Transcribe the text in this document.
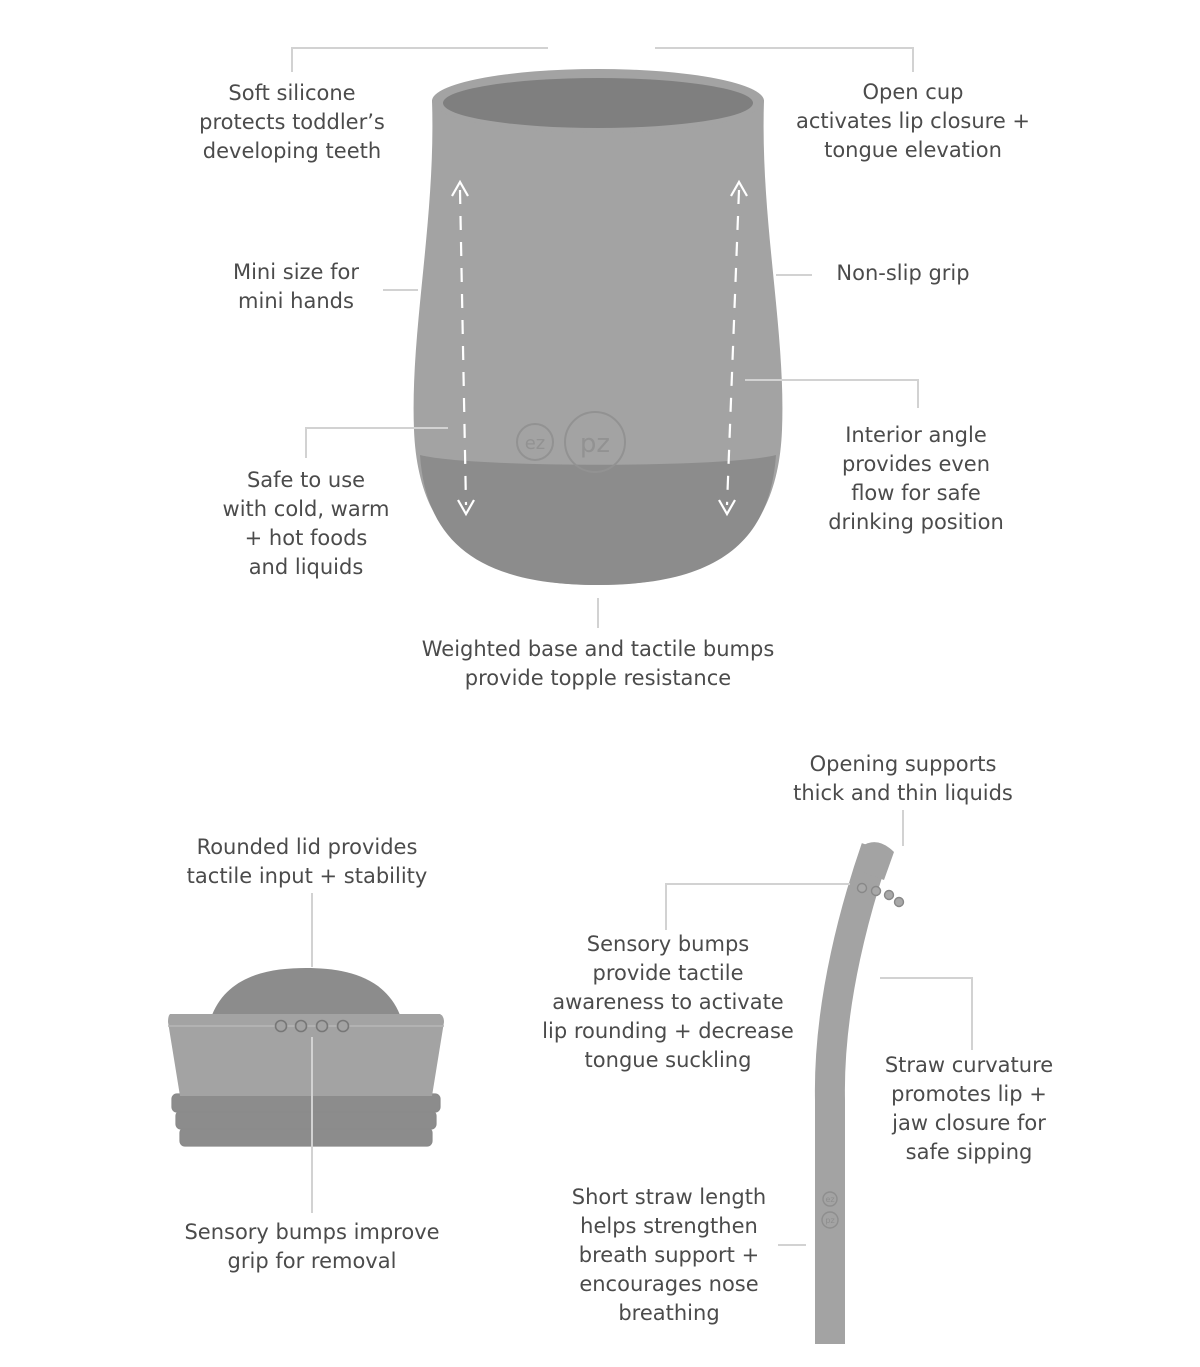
ez pz
ez
pz
Soft silicone
protects toddler’s
developing teeth
Open cup
activates lip closure +
tongue elevation
Mini size for
mini hands
Non-slip grip
Interior angle
provides even
flow for safe
drinking position
Safe to use
with cold, warm
+ hot foods
and liquids
Weighted base and tactile bumps
provide topple resistance
Rounded lid provides
tactile input + stability
Sensory bumps improve
grip for removal
Opening supports
thick and thin liquids
Sensory bumps
provide tactile
awareness to activate
lip rounding + decrease
tongue suckling	Straw curvature
promotes lip +
jaw closure for
safe sipping
Short straw length
helps strengthen
breath support +
encourages nose
breathing
